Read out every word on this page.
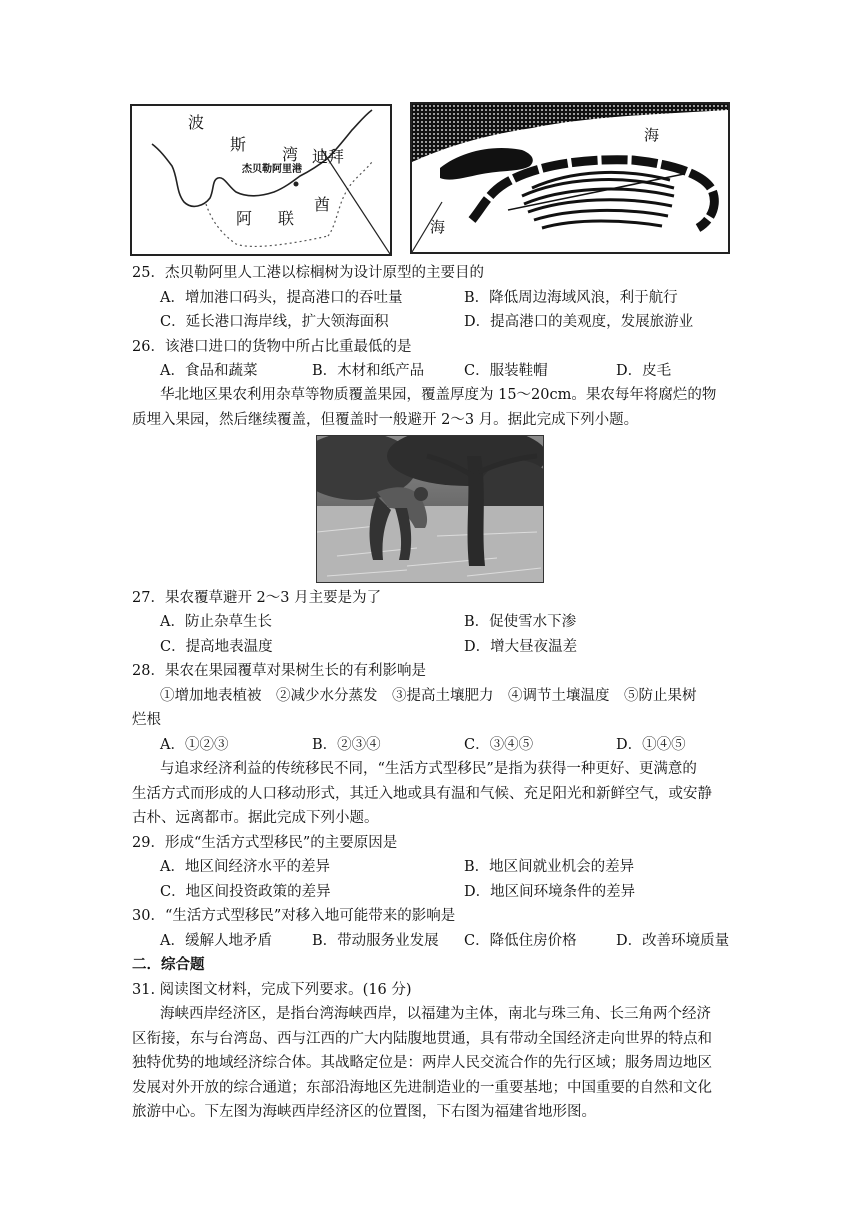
波
斯
湾 迪拜
杰贝勒阿里港
阿 联
酋
海
海
25．杰贝勒阿里人工港以棕榈树为设计原型的主要目的
A．增加港口码头，提高港口的吞吐量	B．降低周边海域风浪，利于航行
C．延长港口海岸线，扩大领海面积	D．提高港口的美观度，发展旅游业
26．该港口进口的货物中所占比重最低的是
A．食品和蔬菜	B．木材和纸产品	C．服装鞋帽	D．皮毛
华北地区果农利用杂草等物质覆盖果园，覆盖厚度为 15～20cm。果农每年将腐烂的物
质埋入果园，然后继续覆盖，但覆盖时一般避开 2～3 月。据此完成下列小题。
27．果农覆草避开 2～3 月主要是为了
A．防止杂草生长	B．促使雪水下渗
C．提高地表温度	D．增大昼夜温差
28．果农在果园覆草对果树生长的有利影响是
①增加地表植被　②减少水分蒸发　③提高土壤肥力　④调节土壤温度　⑤防止果树
烂根
A．①②③	B．②③④	C．③④⑤	D．①④⑤
与追求经济利益的传统移民不同，“生活方式型移民”是指为获得一种更好、更满意的
生活方式而形成的人口移动形式，其迁入地或具有温和气候、充足阳光和新鲜空气，或安静
古朴、远离都市。据此完成下列小题。
29．形成“生活方式型移民”的主要原因是
A．地区间经济水平的差异	B．地区间就业机会的差异
C．地区间投资政策的差异	D．地区间环境条件的差异
30．“生活方式型移民”对移入地可能带来的影响是
A．缓解人地矛盾	B．带动服务业发展 C．降低住房价格	D．改善环境质量
二．综合题
31. 阅读图文材料，完成下列要求。(16 分)
海峡西岸经济区，是指台湾海峡西岸，以福建为主体，南北与珠三角、长三角两个经济
区衔接，东与台湾岛、西与江西的广大内陆腹地贯通，具有带动全国经济走向世界的特点和
独特优势的地域经济综合体。其战略定位是：两岸人民交流合作的先行区域；服务周边地区
发展对外开放的综合通道；东部沿海地区先进制造业的一重要基地；中国重要的自然和文化
旅游中心。下左图为海峡西岸经济区的位置图，下右图为福建省地形图。
